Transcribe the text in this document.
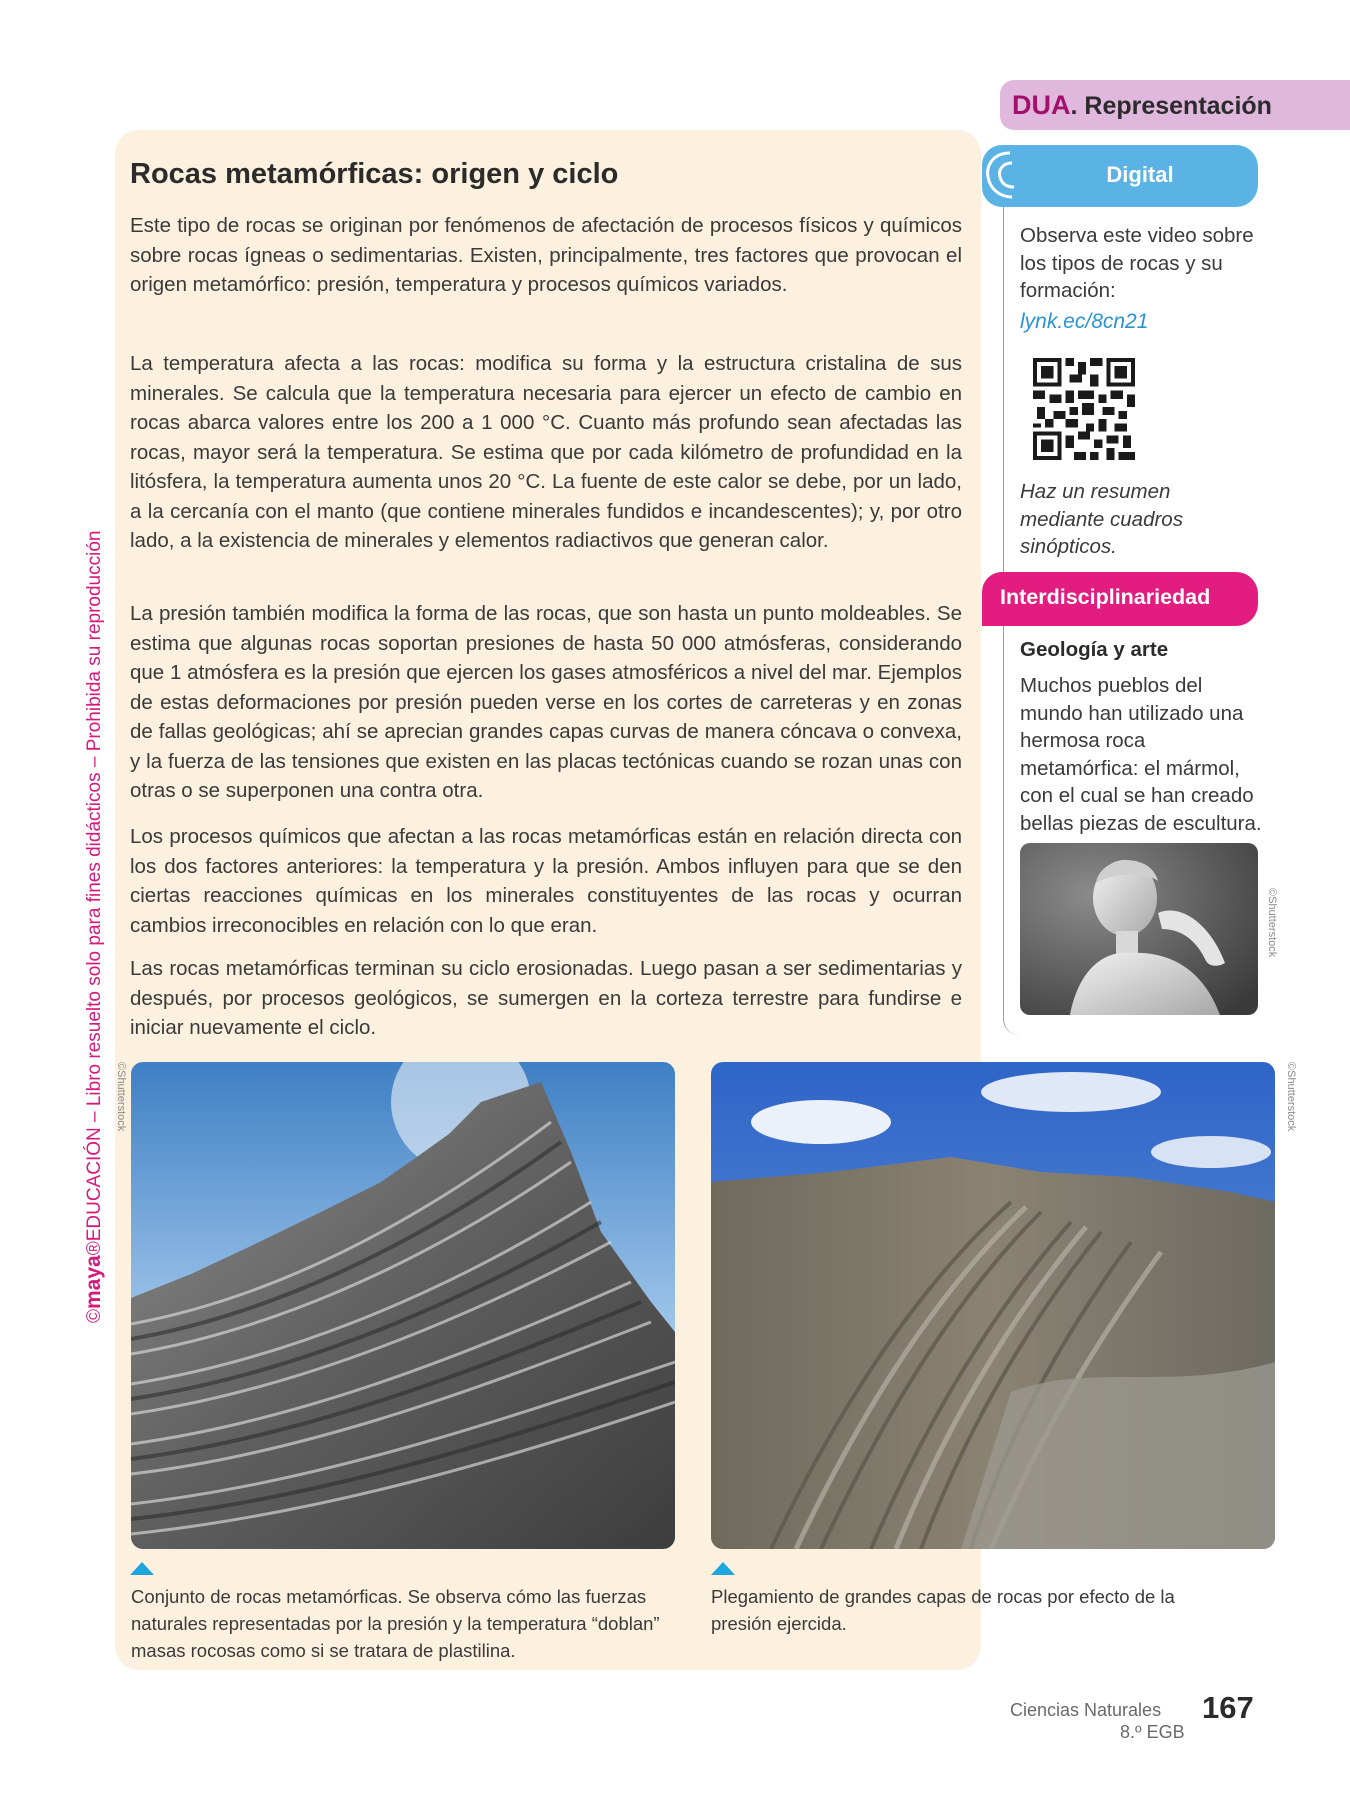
©maya®EDUCACIÓN – Libro resuelto solo para fines didácticos – Prohibida su reproducción
Rocas metamórficas: origen y ciclo

Este tipo de rocas se originan por fenómenos de afectación de procesos físicos y químicos sobre rocas ígneas o sedimentarias. Existen, principalmente, tres factores que provocan el origen metamórfico: presión, temperatura y procesos químicos variados.

La temperatura afecta a las rocas: modifica su forma y la estructura cristalina de sus minerales. Se calcula que la temperatura necesaria para ejercer un efecto de cambio en rocas abarca valores entre los 200 a 1 000 °C. Cuanto más profundo sean afectadas las rocas, mayor será la temperatura. Se estima que por cada kilómetro de profundidad en la litósfera, la temperatura aumenta unos 20 °C. La fuente de este calor se debe, por un lado, a la cercanía con el manto (que contiene minerales fundidos e incandescentes); y, por otro lado, a la existencia de minerales y elementos radiactivos que generan calor.

La presión también modifica la forma de las rocas, que son hasta un punto moldeables. Se estima que algunas rocas soportan presiones de hasta 50 000 atmósferas, considerando que 1 atmósfera es la presión que ejercen los gases atmosféricos a nivel del mar. Ejemplos de estas deformaciones por presión pueden verse en los cortes de carreteras y en zonas de fallas geológicas; ahí se aprecian grandes capas curvas de manera cóncava o convexa, y la fuerza de las tensiones que existen en las placas tectónicas cuando se rozan unas con otras o se superponen una contra otra.

Los procesos químicos que afectan a las rocas metamórficas están en relación directa con los dos factores anteriores: la temperatura y la presión. Ambos influyen para que se den ciertas reacciones químicas en los minerales constituyentes de las rocas y ocurran cambios irreconocibles en relación con lo que eran.

Las rocas metamórficas terminan su ciclo erosionadas. Luego pasan a ser sedimentarias y después, por procesos geológicos, se sumergen en la corteza terrestre para fundirse e iniciar nuevamente el ciclo.

©Shutterstock

Conjunto de rocas metamórficas. Se observa cómo las fuerzas naturales representadas por la presión y la temperatura “doblan” masas rocosas como si se tratara de plastilina.

©Shutterstock

Plegamiento de grandes capas de rocas por efecto de la presión ejercida.

DUA. Representación
Digital

Observa este video sobre los tipos de rocas y su formación:

lynk.ec/8cn21

Haz un resumen mediante cuadros sinópticos.

Interdisciplinariedad
Geología y arte

Muchos pueblos del mundo han utilizado una hermosa roca metamórfica: el mármol, con el cual se han creado bellas piezas de escultura.

©Shutterstock
Ciencias Naturales
8.º EGB
167
